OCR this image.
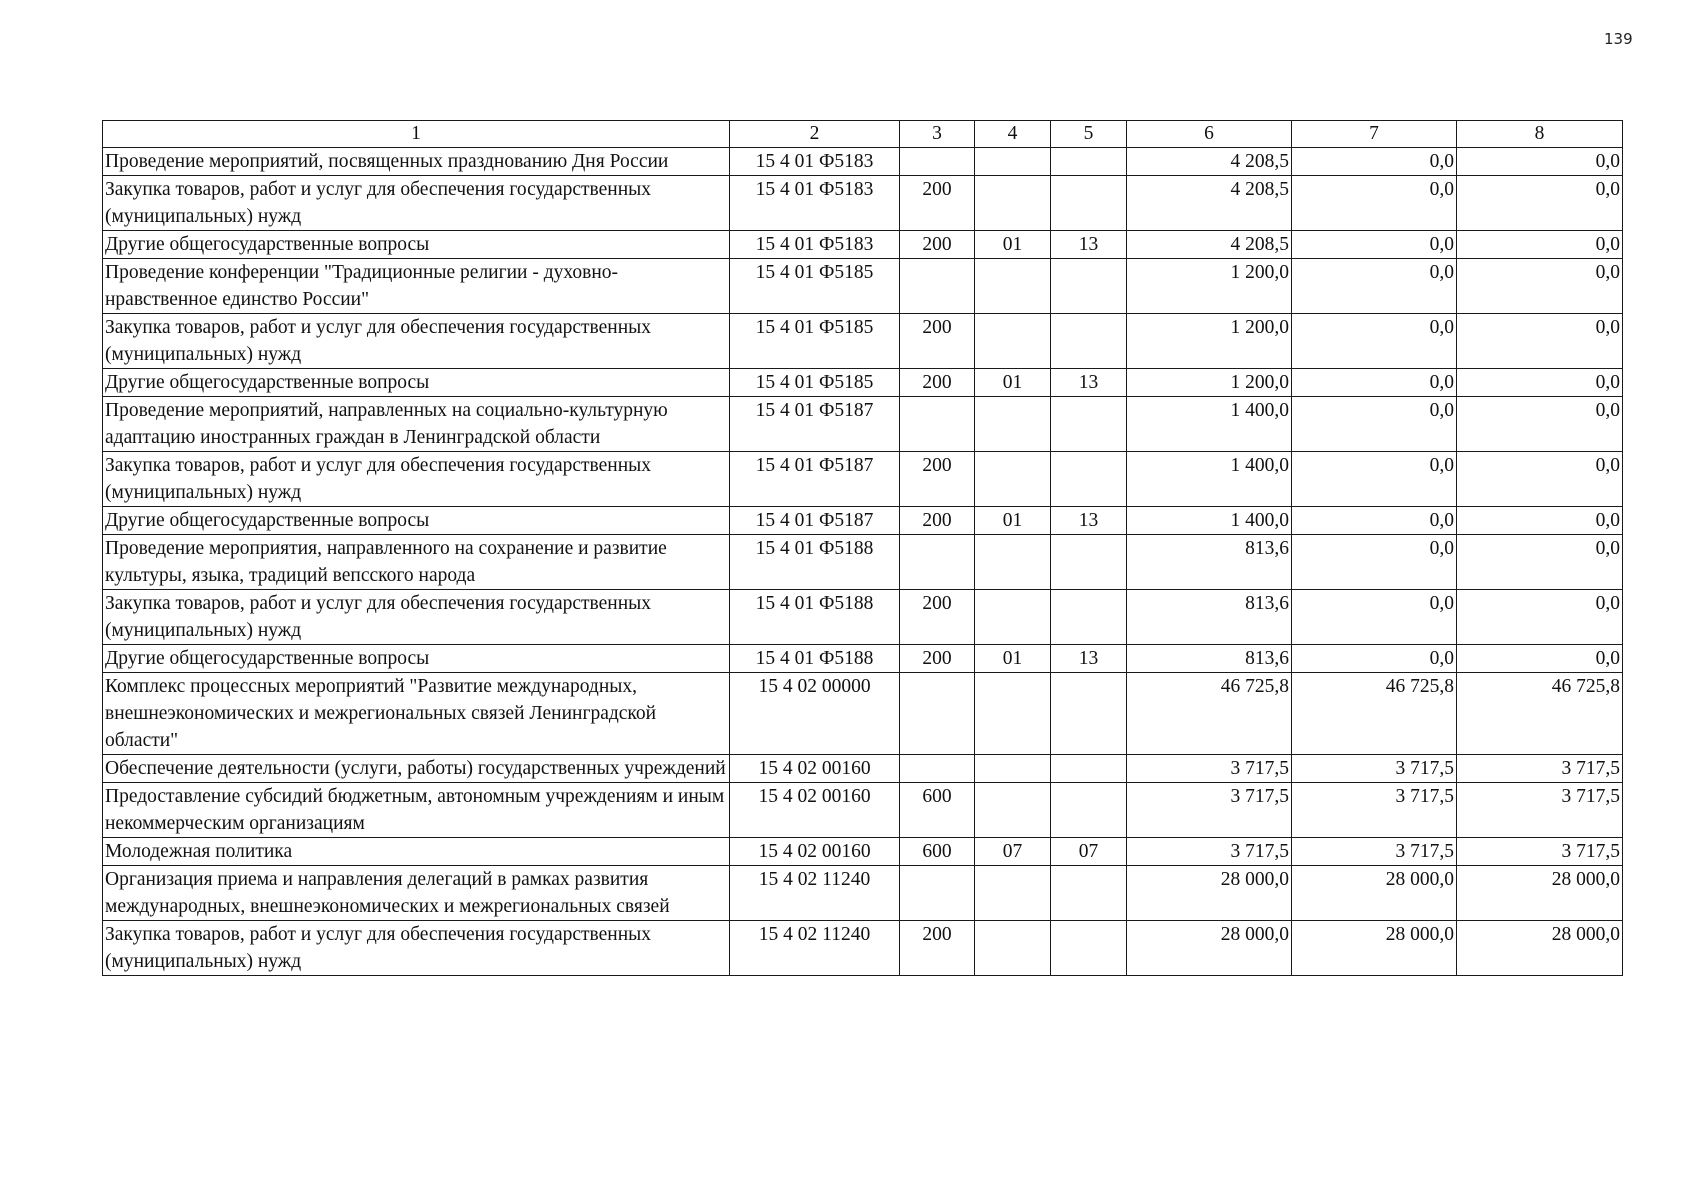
139
1	2	3	4	5	6	7	8
Проведение мероприятий, посвященных празднованию Дня России	15 4 01 Ф5183				4 208,5	0,0	0,0
Закупка товаров, работ и услуг для обеспечения государственных (муниципальных) нужд	15 4 01 Ф5183	200			4 208,5	0,0	0,0
Другие общегосударственные вопросы	15 4 01 Ф5183	200	01	13	4 208,5	0,0	0,0
Проведение конференции "Традиционные религии - духовно-нравственное единство России"	15 4 01 Ф5185				1 200,0	0,0	0,0
Закупка товаров, работ и услуг для обеспечения государственных (муниципальных) нужд	15 4 01 Ф5185	200			1 200,0	0,0	0,0
Другие общегосударственные вопросы	15 4 01 Ф5185	200	01	13	1 200,0	0,0	0,0
Проведение мероприятий, направленных на социально-культурную адаптацию иностранных граждан в Ленинградской области	15 4 01 Ф5187				1 400,0	0,0	0,0
Закупка товаров, работ и услуг для обеспечения государственных (муниципальных) нужд	15 4 01 Ф5187	200			1 400,0	0,0	0,0
Другие общегосударственные вопросы	15 4 01 Ф5187	200	01	13	1 400,0	0,0	0,0
Проведение мероприятия, направленного на сохранение и развитие культуры, языка, традиций вепсского народа	15 4 01 Ф5188				813,6	0,0	0,0
Закупка товаров, работ и услуг для обеспечения государственных (муниципальных) нужд	15 4 01 Ф5188	200			813,6	0,0	0,0
Другие общегосударственные вопросы	15 4 01 Ф5188	200	01	13	813,6	0,0	0,0
Комплекс процессных мероприятий "Развитие международных, внешнеэкономических и межрегиональных связей Ленинградской области"	15 4 02 00000				46 725,8	46 725,8	46 725,8
Обеспечение деятельности (услуги, работы) государственных учреждений	15 4 02 00160				3 717,5	3 717,5	3 717,5
Предоставление субсидий бюджетным, автономным учреждениям и иным некоммерческим организациям	15 4 02 00160	600			3 717,5	3 717,5	3 717,5
Молодежная политика	15 4 02 00160	600	07	07	3 717,5	3 717,5	3 717,5
Организация приема и направления делегаций в рамках развития международных, внешнеэкономических и межрегиональных связей	15 4 02 11240				28 000,0	28 000,0	28 000,0
Закупка товаров, работ и услуг для обеспечения государственных (муниципальных) нужд	15 4 02 11240	200			28 000,0	28 000,0	28 000,0
